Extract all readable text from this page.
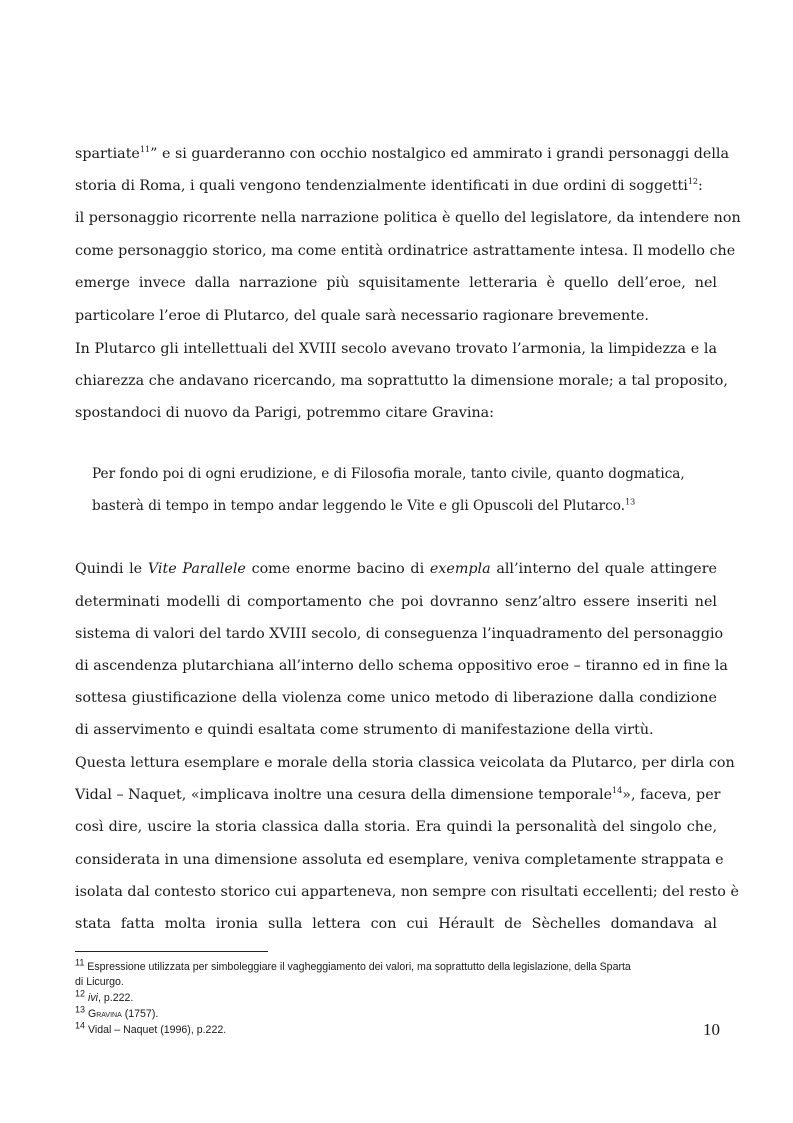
spartiate$^{11}$” e si guarderanno con occhio nostalgico ed ammirato i grandi personaggi della
storia di Roma, i quali vengono tendenzialmente identificati in due ordini di soggetti$^{12}$:
il personaggio ricorrente nella narrazione politica è quello del legislatore, da intendere non
come personaggio storico, ma come entità ordinatrice astrattamente intesa. Il modello che
emerge invece dalla narrazione più squisitamente letteraria è quello dell’eroe, nel
particolare l’eroe di Plutarco, del quale sarà necessario ragionare brevemente.
In Plutarco gli intellettuali del XVIII secolo avevano trovato l’armonia, la limpidezza e la
chiarezza che andavano ricercando, ma soprattutto la dimensione morale; a tal proposito,
spostandoci di nuovo da Parigi, potremmo citare Gravina:
Per fondo poi di ogni erudizione, e di Filosofia morale, tanto civile, quanto dogmatica,
basterà di tempo in tempo andar leggendo le Vite e gli Opuscoli del Plutarco.$^{13}$
Quindi le Vite Parallele come enorme bacino di exempla all’interno del quale attingere
determinati modelli di comportamento che poi dovranno senz’altro essere inseriti nel
sistema di valori del tardo XVIII secolo, di conseguenza l’inquadramento del personaggio
di ascendenza plutarchiana all’interno dello schema oppositivo eroe – tiranno ed in fine la
sottesa giustificazione della violenza come unico metodo di liberazione dalla condizione
di asservimento e quindi esaltata come strumento di manifestazione della virtù.
Questa lettura esemplare e morale della storia classica veicolata da Plutarco, per dirla con
Vidal – Naquet, «implicava inoltre una cesura della dimensione temporale$^{14}$», faceva, per
così dire, uscire la storia classica dalla storia. Era quindi la personalità del singolo che,
considerata in una dimensione assoluta ed esemplare, veniva completamente strappata e
isolata dal contesto storico cui apparteneva, non sempre con risultati eccellenti; del resto è
stata fatta molta ironia sulla lettera con cui Hérault de Sèchelles domandava al
$^{11}$ Espressione utilizzata per simboleggiare il vagheggiamento dei valori, ma soprattutto della legislazione, della Sparta
di Licurgo.
$^{12}$ ivi, p.222.
$^{13}$ Gravina (1757).
$^{14}$ Vidal – Naquet (1996), p.222.	10
